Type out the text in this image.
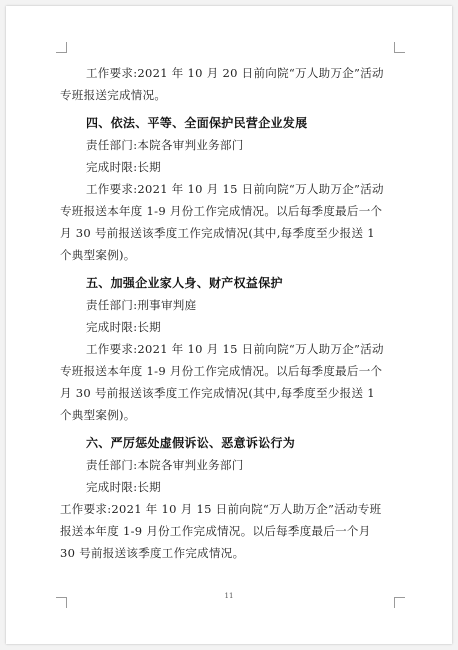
工作要求:2021 年 10 月 20 日前向院“万人助万企”活动
专班报送完成情况。
四、依法、平等、全面保护民营企业发展
责任部门:本院各审判业务部门
完成时限:长期
工作要求:2021 年 10 月 15 日前向院“万人助万企”活动
专班报送本年度 1-9 月份工作完成情况。以后每季度最后一个
月 30 号前报送该季度工作完成情况(其中,每季度至少报送 1
个典型案例)。
五、加强企业家人身、财产权益保护
责任部门:刑事审判庭
完成时限:长期
工作要求:2021 年 10 月 15 日前向院“万人助万企”活动
专班报送本年度 1-9 月份工作完成情况。以后每季度最后一个
月 30 号前报送该季度工作完成情况(其中,每季度至少报送 1
个典型案例)。
六、严厉惩处虚假诉讼、恶意诉讼行为
责任部门:本院各审判业务部门
完成时限:长期
工作要求:2021 年 10 月 15 日前向院“万人助万企”活动专班
报送本年度 1-9 月份工作完成情况。以后每季度最后一个月
30 号前报送该季度工作完成情况。
11
